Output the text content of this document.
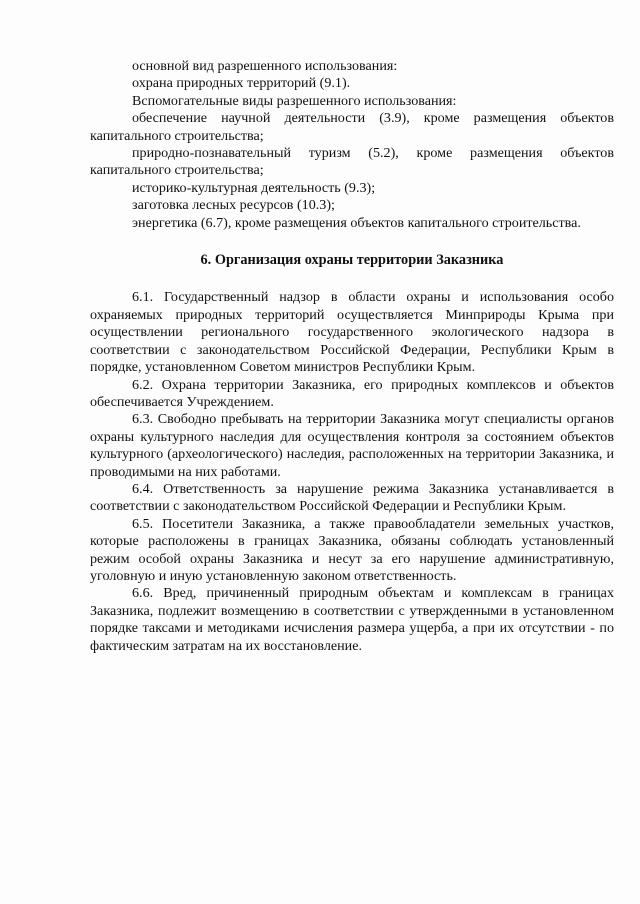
основной вид разрешенного использования:

охрана природных территорий (9.1).

Вспомогательные виды разрешенного использования:

обеспечение научной деятельности (3.9), кроме размещения объектов капитального строительства;

природно-познавательный туризм (5.2), кроме размещения объектов капитального строительства;

историко-культурная деятельность (9.3);

заготовка лесных ресурсов (10.3);

энергетика (6.7), кроме размещения объектов капитального строительства.

6. Организация охраны территории Заказника

6.1. Государственный надзор в области охраны и использования особо охраняемых природных территорий осуществляется Минприроды Крыма при осуществлении регионального государственного экологического надзора в соответствии с законодательством Российской Федерации, Республики Крым в порядке, установленном Советом министров Республики Крым.

6.2. Охрана территории Заказника, его природных комплексов и объектов обеспечивается Учреждением.

6.3. Свободно пребывать на территории Заказника могут специалисты органов охраны культурного наследия для осуществления контроля за состоянием объектов культурного (археологического) наследия, расположенных на территории Заказника, и проводимыми на них работами.

6.4. Ответственность за нарушение режима Заказника устанавливается в соответствии с законодательством Российской Федерации и Республики Крым.

6.5. Посетители Заказника, а также правообладатели земельных участков, которые расположены в границах Заказника, обязаны соблюдать установленный режим особой охраны Заказника и несут за его нарушение административную, уголовную и иную установленную законом ответственность.

6.6. Вред, причиненный природным объектам и комплексам в границах Заказника, подлежит возмещению в соответствии с утвержденными в установленном порядке таксами и методиками исчисления размера ущерба, а при их отсутствии - по фактическим затратам на их восстановление.
